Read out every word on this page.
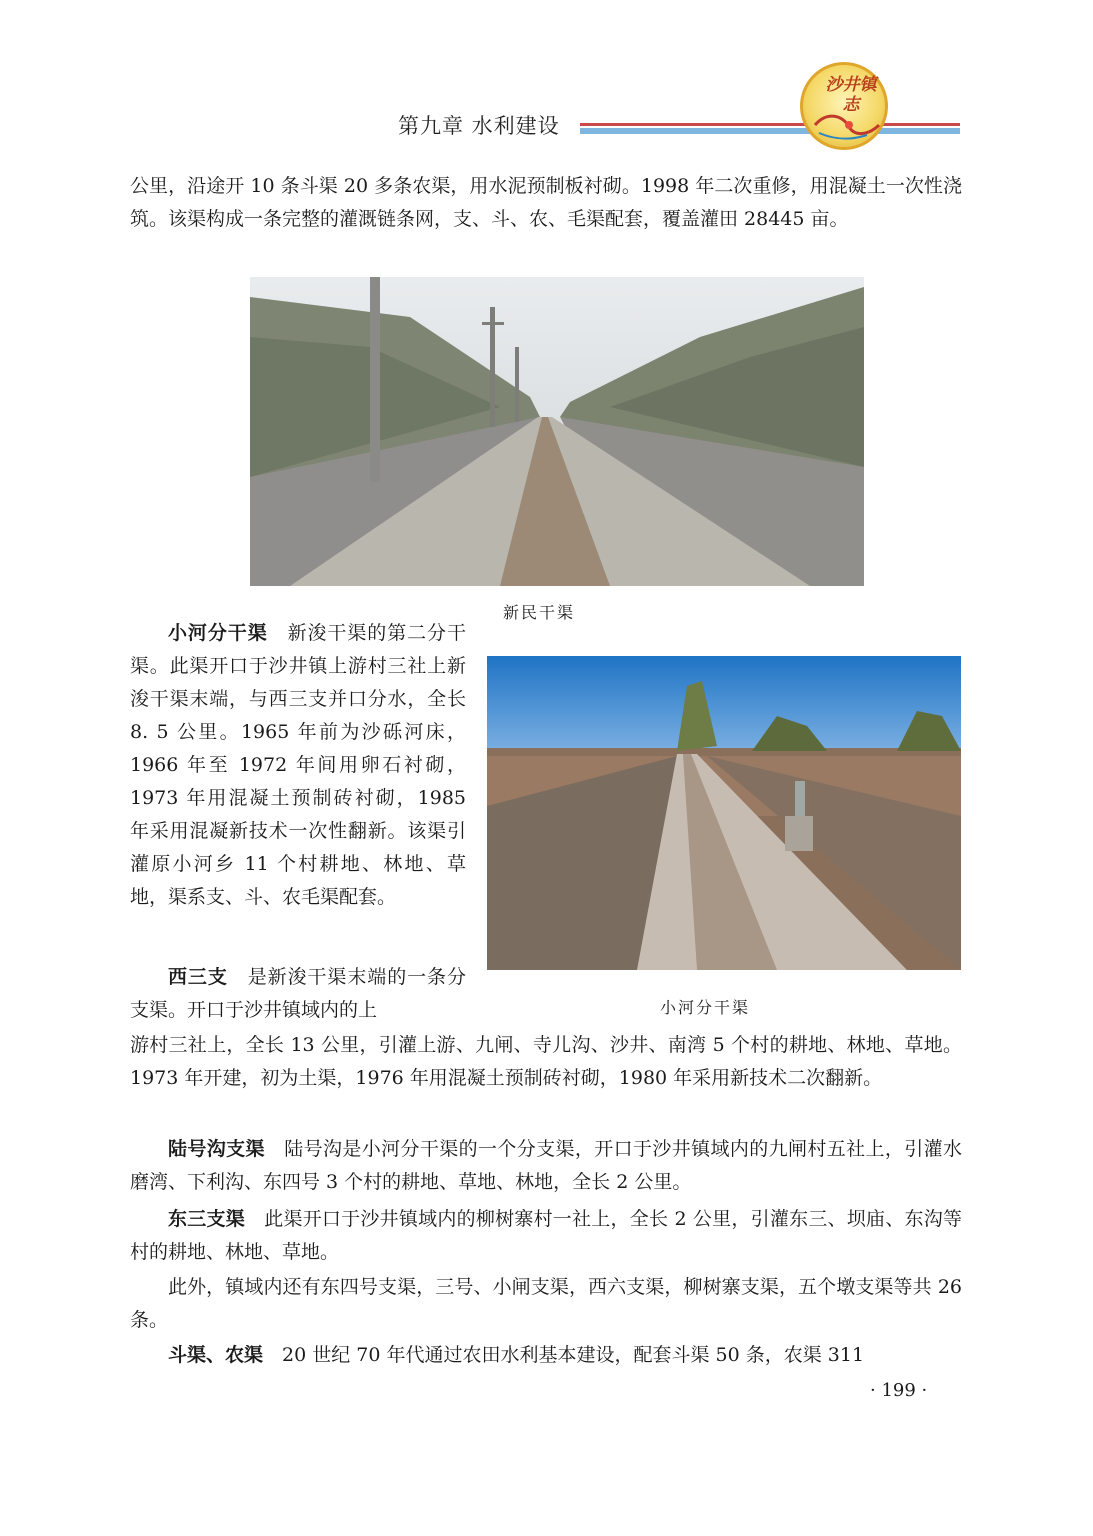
第九章 水利建设
沙井镇志

公里，沿途开 10 条斗渠 20 多条农渠，用水泥预制板衬砌。1998 年二次重修，用混凝土一次性浇筑。该渠构成一条完整的灌溉链条网，支、斗、农、毛渠配套，覆盖灌田 28445 亩。

新民干渠

小河分干渠　 新浚干渠的第二分干渠。此渠开口于沙井镇上游村三社上新浚干渠末端，与西三支并口分水，全长 8. 5 公里。1965 年前为沙砾河床，1966 年至 1972 年间用卵石衬砌，1973 年用混凝土预制砖衬砌，1985 年采用混凝新技术一次性翻新。该渠引灌原小河乡 11 个村耕地、林地、草地，渠系支、斗、农毛渠配套。

小河分干渠

西三支　 是新浚干渠末端的一条分支渠。开口于沙井镇域内的上

游村三社上，全长 13 公里，引灌上游、九闸、寺儿沟、沙井、南湾 5 个村的耕地、林地、草地。1973 年开建，初为土渠，1976 年用混凝土预制砖衬砌，1980 年采用新技术二次翻新。

陆号沟支渠　 陆号沟是小河分干渠的一个分支渠，开口于沙井镇域内的九闸村五社上，引灌水磨湾、下利沟、东四号 3 个村的耕地、草地、林地，全长 2 公里。

东三支渠　 此渠开口于沙井镇域内的柳树寨村一社上，全长 2 公里，引灌东三、坝庙、东沟等村的耕地、林地、草地。

此外，镇域内还有东四号支渠，三号、小闸支渠，西六支渠，柳树寨支渠，五个墩支渠等共 26 条。

斗渠、农渠　 20 世纪 70 年代通过农田水利基本建设，配套斗渠 50 条，农渠 311

· 199 ·
